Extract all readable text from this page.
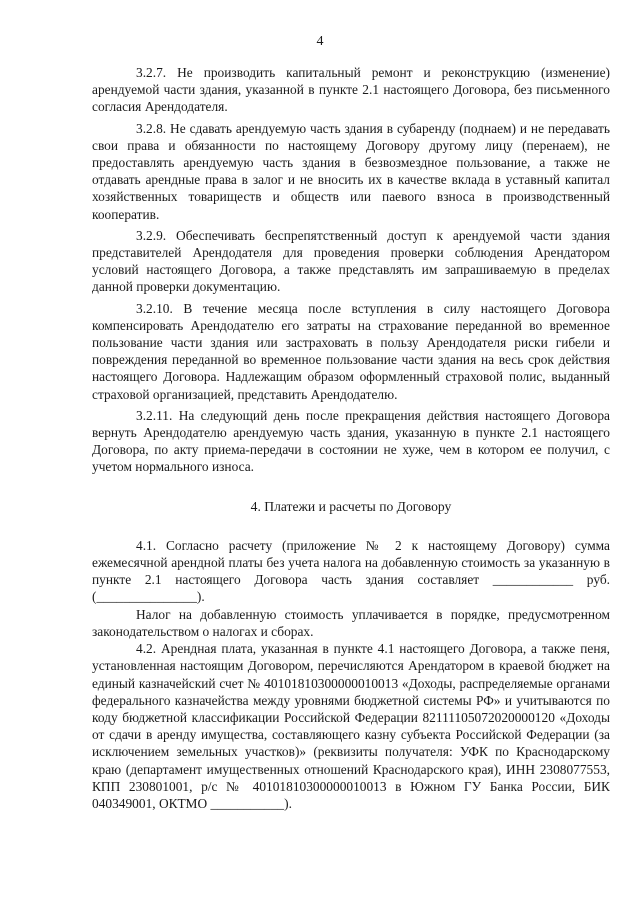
4

3.2.7. Не производить капитальный ремонт и реконструкцию (изменение) арендуемой части здания, указанной в пункте 2.1 настоящего Договора, без письменного согласия Арендодателя.

3.2.8. Не сдавать арендуемую часть здания в субаренду (поднаем) и не передавать свои права и обязанности по настоящему Договору другому лицу (перенаем), не предоставлять арендуемую часть здания в безвозмездное пользование, а также не отдавать арендные права в залог и не вносить их в качестве вклада в уставный капитал хозяйственных товариществ и обществ или паевого взноса в производственный кооператив.

3.2.9. Обеспечивать беспрепятственный доступ к арендуемой части здания представителей Арендодателя для проведения проверки соблюдения Арендатором условий настоящего Договора, а также представлять им запрашиваемую в пределах данной проверки документацию.

3.2.10. В течение месяца после вступления в силу настоящего Договора компенсировать Арендодателю его затраты на страхование переданной во временное пользование части здания или застраховать в пользу Арендодателя риски гибели и повреждения переданной во временное пользование части здания на весь срок действия настоящего Договора. Надлежащим образом оформленный страховой полис, выданный страховой организацией, представить Арендодателю.

3.2.11. На следующий день после прекращения действия настоящего Договора вернуть Арендодателю арендуемую часть здания, указанную в пункте 2.1 настоящего Договора, по акту приема-передачи в состоянии не хуже, чем в котором ее получил, с учетом нормального износа.

4. Платежи и расчеты по Договору

4.1. Согласно расчету (приложение № 2 к настоящему Договору) сумма ежемесячной арендной платы без учета налога на добавленную стоимость за указанную в пункте 2.1 настоящего Договора часть здания составляет ____________ руб. (_______________).

Налог на добавленную стоимость уплачивается в порядке, предусмотренном законодательством о налогах и сборах.

4.2. Арендная плата, указанная в пункте 4.1 настоящего Договора, а также пеня, установленная настоящим Договором, перечисляются Арендатором в краевой бюджет на единый казначейский счет № 40101810300000010013 «Доходы, распределяемые органами федерального казначейства между уровнями бюджетной системы РФ» и учитываются по коду бюджетной классификации Российской Федерации 82111105072020000120 «Доходы от сдачи в аренду имущества, составляющего казну субъекта Российской Федерации (за исключением земельных участков)» (реквизиты получателя: УФК по Краснодарскому краю (департамент имущественных отношений Краснодарского края), ИНН 2308077553, КПП 230801001, р/с № 40101810300000010013 в Южном ГУ Банка России, БИК 040349001, ОКТМО ___________).
